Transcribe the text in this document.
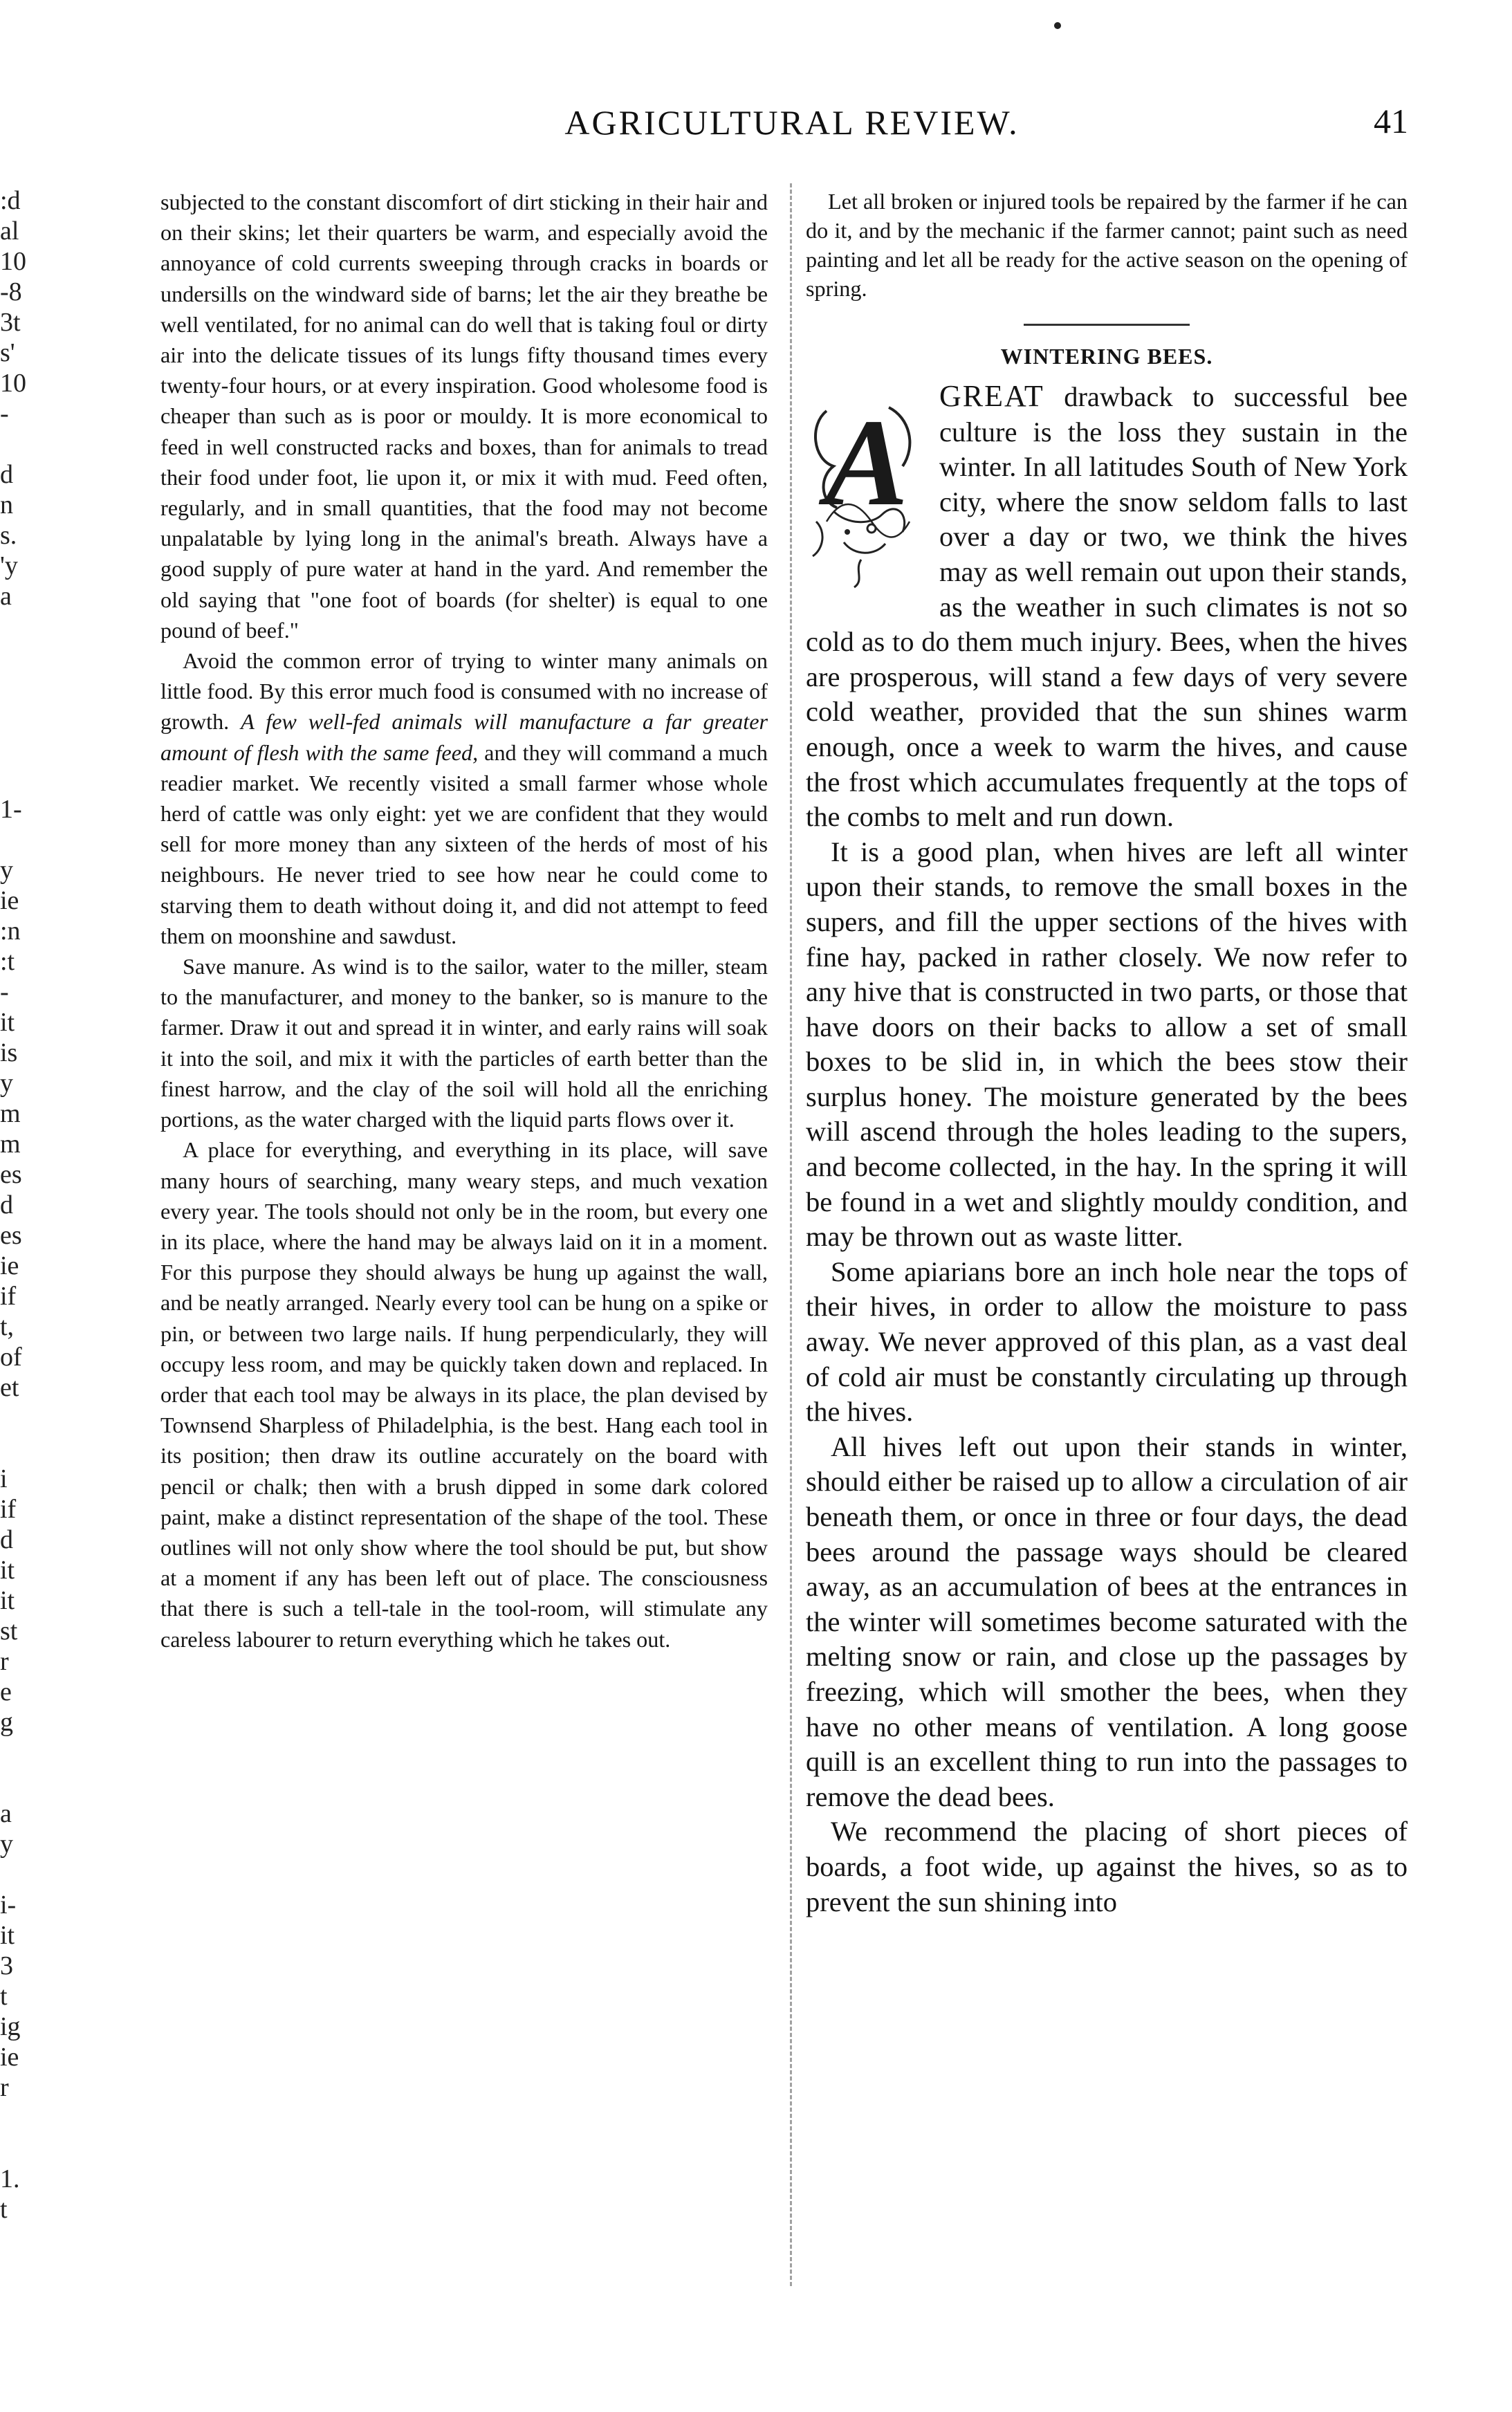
AGRICULTURAL REVIEW.	41
:d
al
10
-8
3t
s'
10
-
d
n
s.
'y
a
1-
y
ie
:n
:t
-
it
is
y
m
m
es
d
es
ie
if
t,
of
et
i
if
d
it
it
st
r
e
g
a
y
i-
it
3
t
ig
ie
r
1.
t

subjected to the constant discomfort of dirt sticking in their hair and on their skins; let their quarters be warm, and especially avoid the annoyance of cold currents sweeping through cracks in boards or undersills on the windward side of barns; let the air they breathe be well ventilated, for no animal can do well that is taking foul or dirty air into the delicate tissues of its lungs fifty thousand times every twenty-four hours, or at every inspiration. Good wholesome food is cheaper than such as is poor or mouldy. It is more economical to feed in well constructed racks and boxes, than for animals to tread their food under foot, lie upon it, or mix it with mud. Feed often, regularly, and in small quantities, that the food may not become unpalatable by lying long in the animal's breath. Always have a good supply of pure water at hand in the yard. And remember the old saying that "one foot of boards (for shelter) is equal to one pound of beef."

Avoid the common error of trying to winter many animals on little food. By this error much food is consumed with no increase of growth. A few well-fed animals will manufacture a far greater amount of flesh with the same feed, and they will command a much readier market. We recently visited a small farmer whose whole herd of cattle was only eight: yet we are confident that they would sell for more money than any sixteen of the herds of most of his neighbours. He never tried to see how near he could come to starving them to death without doing it, and did not attempt to feed them on moonshine and sawdust.

Save manure. As wind is to the sailor, water to the miller, steam to the manufacturer, and money to the banker, so is manure to the farmer. Draw it out and spread it in winter, and early rains will soak it into the soil, and mix it with the particles of earth better than the finest harrow, and the clay of the soil will hold all the enriching portions, as the water charged with the liquid parts flows over it.

A place for everything, and everything in its place, will save many hours of searching, many weary steps, and much vexation every year. The tools should not only be in the room, but every one in its place, where the hand may be always laid on it in a moment. For this purpose they should always be hung up against the wall, and be neatly arranged. Nearly every tool can be hung on a spike or pin, or between two large nails. If hung perpendicularly, they will occupy less room, and may be quickly taken down and replaced. In order that each tool may be always in its place, the plan devised by Townsend Sharpless of Philadelphia, is the best. Hang each tool in its position; then draw its outline accurately on the board with pencil or chalk; then with a brush dipped in some dark colored paint, make a distinct representation of the shape of the tool. These outlines will not only show where the tool should be put, but show at a moment if any has been left out of place. The consciousness that there is such a tell-tale in the tool-room, will stimulate any careless labourer to return everything which he takes out.

Let all broken or injured tools be repaired by the farmer if he can do it, and by the mechanic if the farmer cannot; paint such as need painting and let all be ready for the active season on the opening of spring.

WINTERING BEES.

A GREAT drawback to successful bee culture is the loss they sustain in the winter. In all latitudes South of New York city, where the snow seldom falls to last over a day or two, we think the hives may as well remain out upon their stands, as the weather in such climates is not so cold as to do them much injury. Bees, when the hives are prosperous, will stand a few days of very severe cold weather, provided that the sun shines warm enough, once a week to warm the hives, and cause the frost which accumulates frequently at the tops of the combs to melt and run down.

It is a good plan, when hives are left all winter upon their stands, to remove the small boxes in the supers, and fill the upper sections of the hives with fine hay, packed in rather closely. We now refer to any hive that is constructed in two parts, or those that have doors on their backs to allow a set of small boxes to be slid in, in which the bees stow their surplus honey. The moisture generated by the bees will ascend through the holes leading to the supers, and become collected, in the hay. In the spring it will be found in a wet and slightly mouldy condition, and may be thrown out as waste litter.

Some apiarians bore an inch hole near the tops of their hives, in order to allow the moisture to pass away. We never approved of this plan, as a vast deal of cold air must be constantly circulating up through the hives.

All hives left out upon their stands in winter, should either be raised up to allow a circulation of air beneath them, or once in three or four days, the dead bees around the passage ways should be cleared away, as an accumulation of bees at the entrances in the winter will sometimes become saturated with the melting snow or rain, and close up the passages by freezing, which will smother the bees, when they have no other means of ventilation. A long goose quill is an excellent thing to run into the passages to remove the dead bees.

We recommend the placing of short pieces of boards, a foot wide, up against the hives, so as to prevent the sun shining into
